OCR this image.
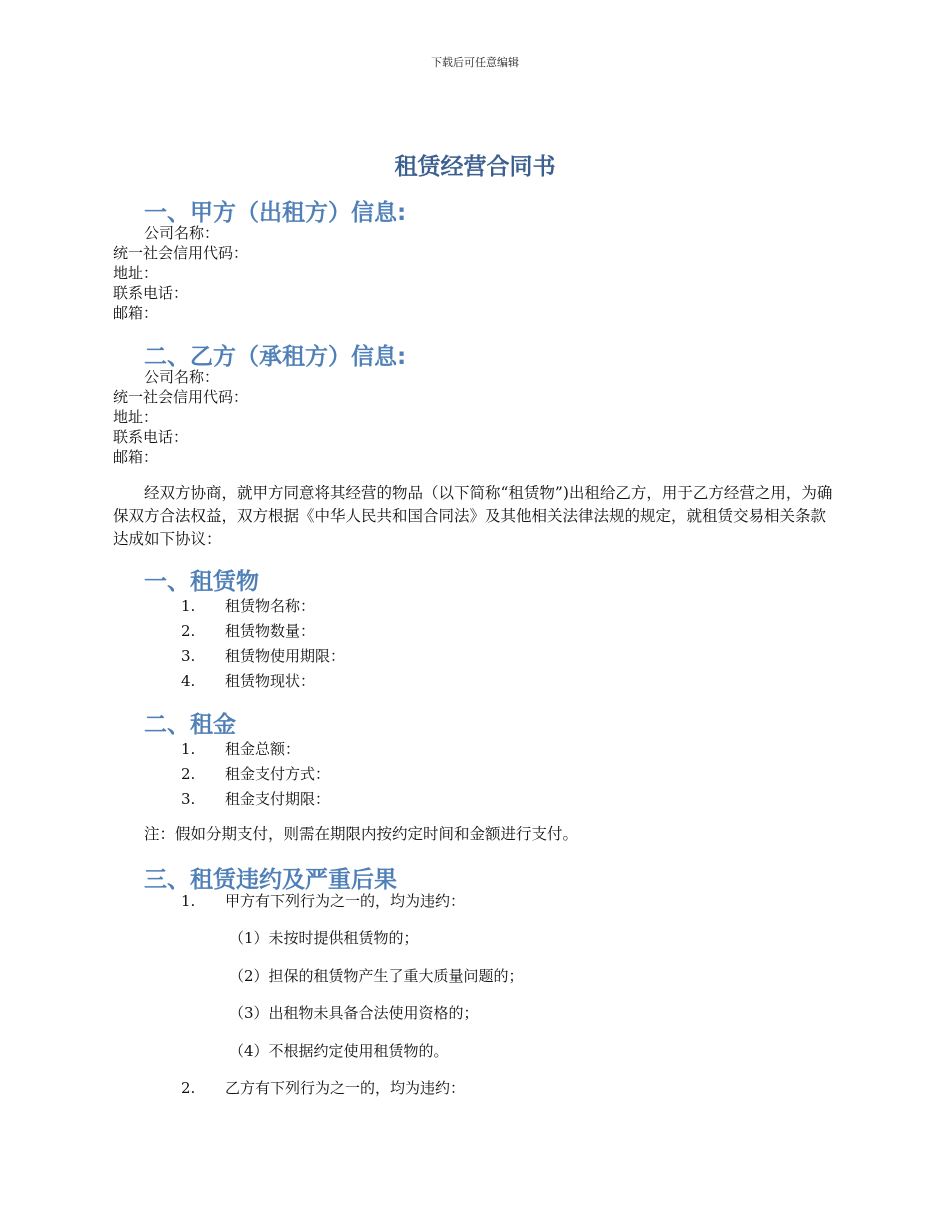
下载后可任意编辑
租赁经营合同书
一、甲方（出租方）信息:
公司名称：
统一社会信用代码：
地址：
联系电话：
邮箱：
二、乙方（承租方）信息:
公司名称：
统一社会信用代码：
地址：
联系电话：
邮箱：
经双方协商，就甲方同意将其经营的物品（以下简称“租赁物”)出租给乙方，用于乙方经营之用，为确保双方合法权益，双方根据《中华人民共和国合同法》及其他相关法律法规的规定，就租赁交易相关条款达成如下协议：
一、租赁物
1. 租赁物名称：
2. 租赁物数量：
3. 租赁物使用期限：
4. 租赁物现状：
二、租金
1. 租金总额：
2. 租金支付方式：
3. 租金支付期限：
注：假如分期支付，则需在期限内按约定时间和金额进行支付。
三、租赁违约及严重后果
1. 甲方有下列行为之一的，均为违约：
（1）未按时提供租赁物的；
（2）担保的租赁物产生了重大质量问题的；
（3）出租物未具备合法使用资格的；
（4）不根据约定使用租赁物的。
2. 乙方有下列行为之一的，均为违约：
